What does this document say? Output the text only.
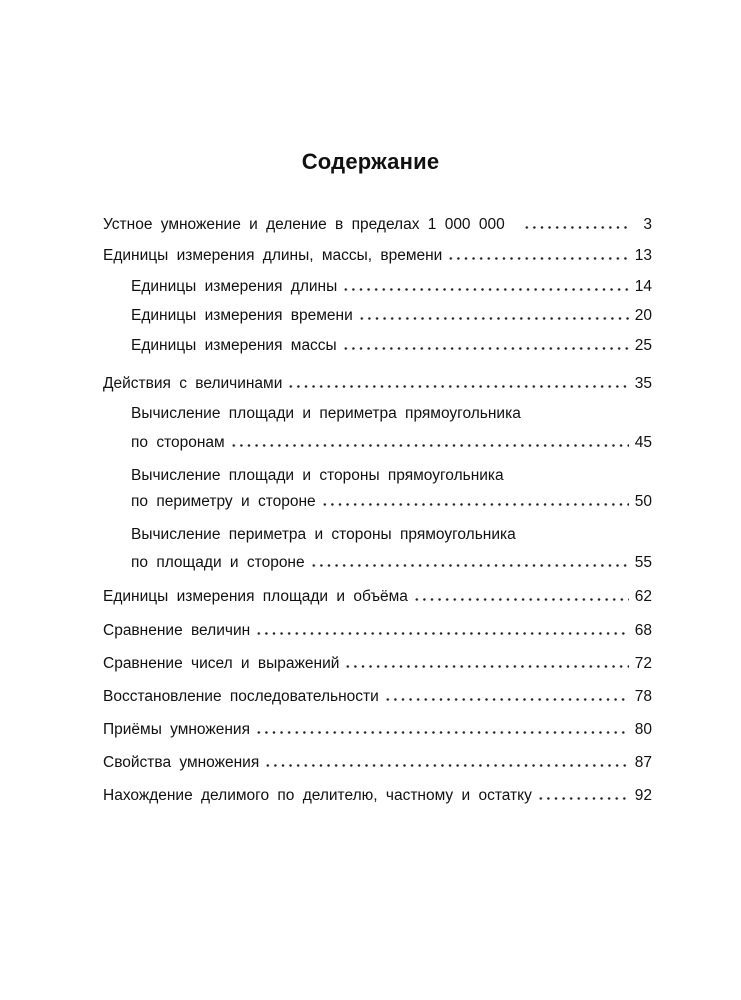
Содержание
Устное умножение и деление в пределах 1 000 000	3
Единицы измерения длины, массы, времени	13
Единицы измерения длины	14
Единицы измерения времени	20
Единицы измерения массы	25
Действия с величинами	35
Вычисление площади и периметра прямоугольника
по сторонам	45
Вычисление площади и стороны прямоугольника
по периметру и стороне	50
Вычисление периметра и стороны прямоугольника
по площади и стороне	55
Единицы измерения площади и объёма	62
Сравнение величин	68
Сравнение чисел и выражений	72
Восстановление последовательности	78
Приёмы умножения	80
Свойства умножения	87
Нахождение делимого по делителю, частному и остатку	92
